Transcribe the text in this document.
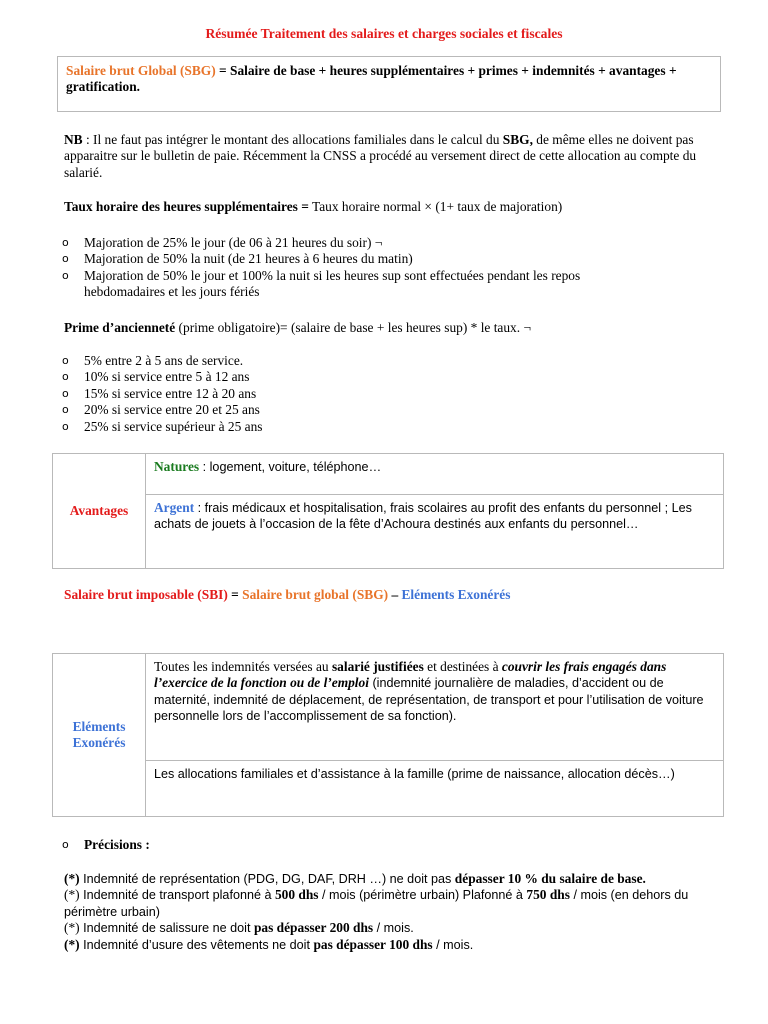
Résumée Traitement des salaires et charges sociales et fiscales
Salaire brut Global (SBG) = Salaire de base + heures supplémentaires + primes + indemnités + avantages + gratification.
NB : Il ne faut pas intégrer le montant des allocations familiales dans le calcul du SBG, de même elles ne doivent pas apparaitre sur le bulletin de paie. Récemment la CNSS a procédé au versement direct de cette allocation au compte du salarié.
Taux horaire des heures supplémentaires = Taux horaire normal × (1+ taux de majoration)
o Majoration de 25% le jour (de 06 à 21 heures du soir) ¬
o Majoration de 50% la nuit (de 21 heures à 6 heures du matin)
o Majoration de 50% le jour et 100% la nuit si les heures sup sont effectuées pendant les repos hebdomadaires et les jours fériés
Prime d’ancienneté (prime obligatoire)= (salaire de base + les heures sup) * le taux. ¬
o 5% entre 2 à 5 ans de service.
o 10% si service entre 5 à 12 ans
o 15% si service entre 12 à 20 ans
o 20% si service entre 20 et 25 ans
o 25% si service supérieur à 25 ans
Avantages	Natures : logement, voiture, téléphone…
Argent : frais médicaux et hospitalisation, frais scolaires au profit des enfants du personnel ; Les achats de jouets à l’occasion de la fête d’Achoura destinés aux enfants du personnel…
Salaire brut imposable (SBI) = Salaire brut global (SBG) – Eléments Exonérés
Eléments
Exonérés
	Toutes les indemnités versées au salarié justifiées et destinées à couvrir les frais engagés dans l’exercice de la fonction ou de l’emploi (indemnité journalière de maladies, d’accident ou de maternité, indemnité de déplacement, de représentation, de transport et pour l’utilisation de voiture personnelle lors de l’accomplissement de sa fonction).
Les allocations familiales et d’assistance à la famille (prime de naissance, allocation décès…)
o Précisions :
(*) Indemnité de représentation (PDG, DG, DAF, DRH …) ne doit pas dépasser 10 % du salaire de base.
(*) Indemnité de transport plafonné à 500 dhs / mois (périmètre urbain) Plafonné à 750 dhs / mois (en dehors du périmètre urbain)
(*) Indemnité de salissure ne doit pas dépasser 200 dhs / mois.
(*) Indemnité d’usure des vêtements ne doit pas dépasser 100 dhs / mois.
